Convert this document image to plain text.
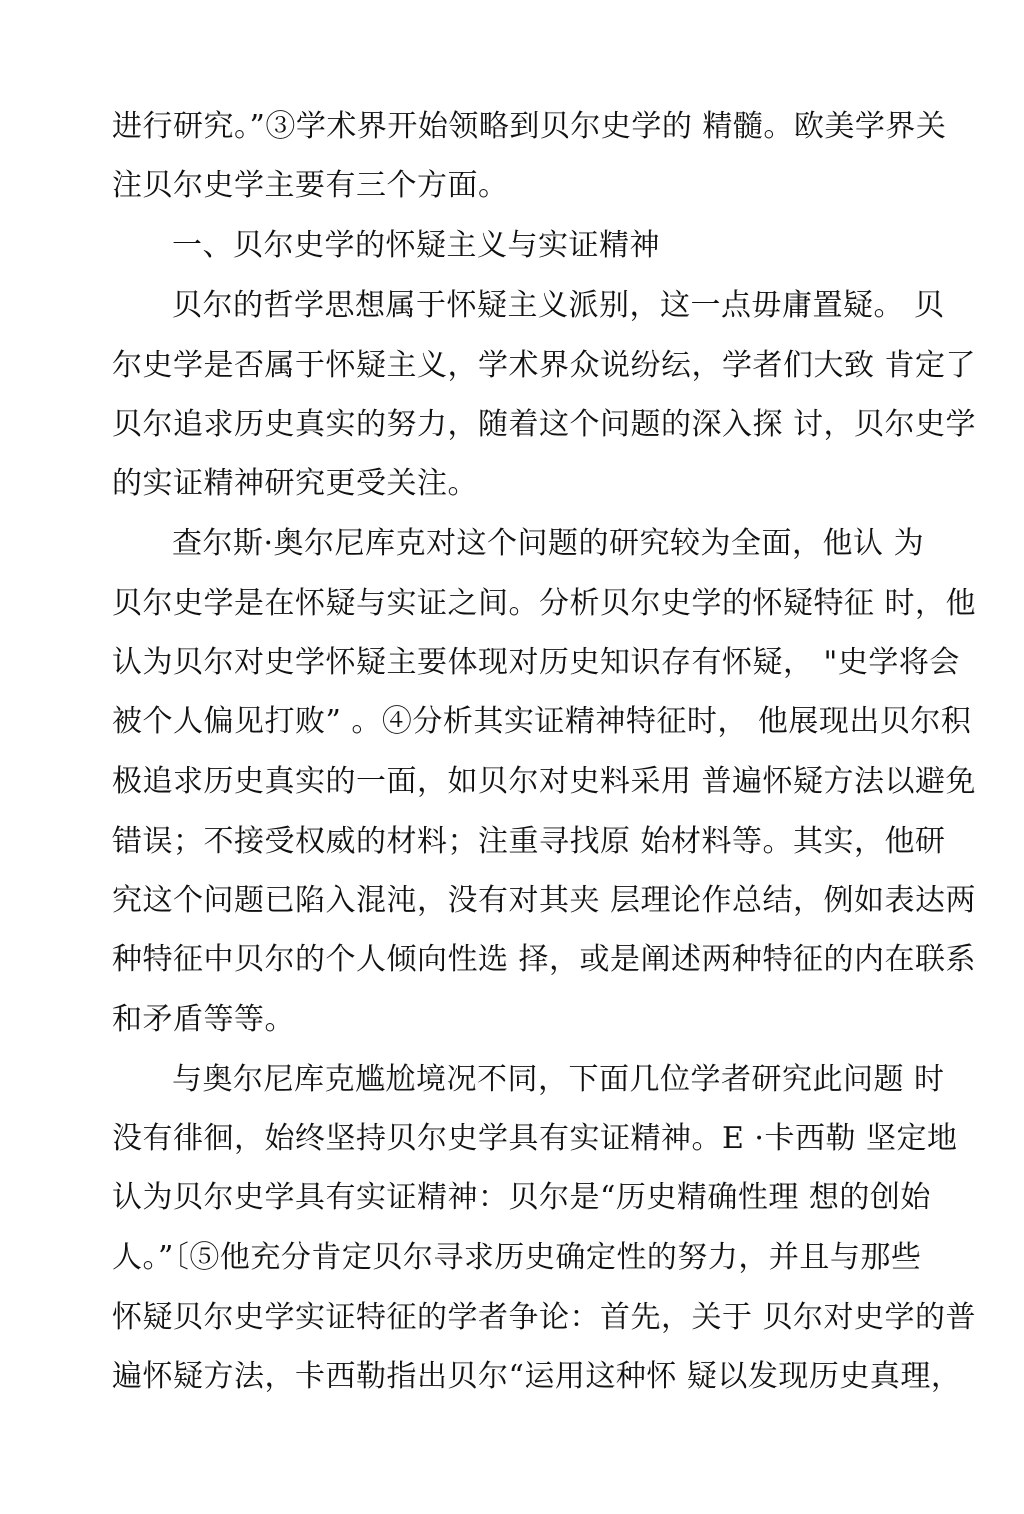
进行研究。”③学术界开始领略到贝尔史学的 精髓。欧美学界关
注贝尔史学主要有三个方面。
一、贝尔史学的怀疑主义与实证精神
贝尔的哲学思想属于怀疑主义派别，这一点毋庸置疑。 贝
尔史学是否属于怀疑主义，学术界众说纷纭，学者们大致 肯定了
贝尔追求历史真实的努力，随着这个问题的深入探 讨，贝尔史学
的实证精神研究更受关注。
查尔斯·奥尔尼库克对这个问题的研究较为全面，他认 为
贝尔史学是在怀疑与实证之间。分析贝尔史学的怀疑特征 时，他
认为贝尔对史学怀疑主要体现对历史知识存有怀疑， "史学将会
被个人偏见打败” 。④分析其实证精神特征时， 他展现出贝尔积
极追求历史真实的一面，如贝尔对史料采用 普遍怀疑方法以避免
错误；不接受权威的材料；注重寻找原 始材料等。其实，他研
究这个问题已陷入混沌，没有对其夹 层理论作总结，例如表达两
种特征中贝尔的个人倾向性选 择，或是阐述两种特征的内在联系
和矛盾等等。
与奥尔尼库克尴尬境况不同，下面几位学者研究此问题 时
没有徘徊，始终坚持贝尔史学具有实证精神。E ·卡西勒 坚定地
认为贝尔史学具有实证精神：贝尔是“历史精确性理 想的创始
人。”〔⑤他充分肯定贝尔寻求历史确定性的努力，并且与那些
怀疑贝尔史学实证特征的学者争论：首先，关于 贝尔对史学的普
遍怀疑方法，卡西勒指出贝尔“运用这种怀 疑以发现历史真理，
